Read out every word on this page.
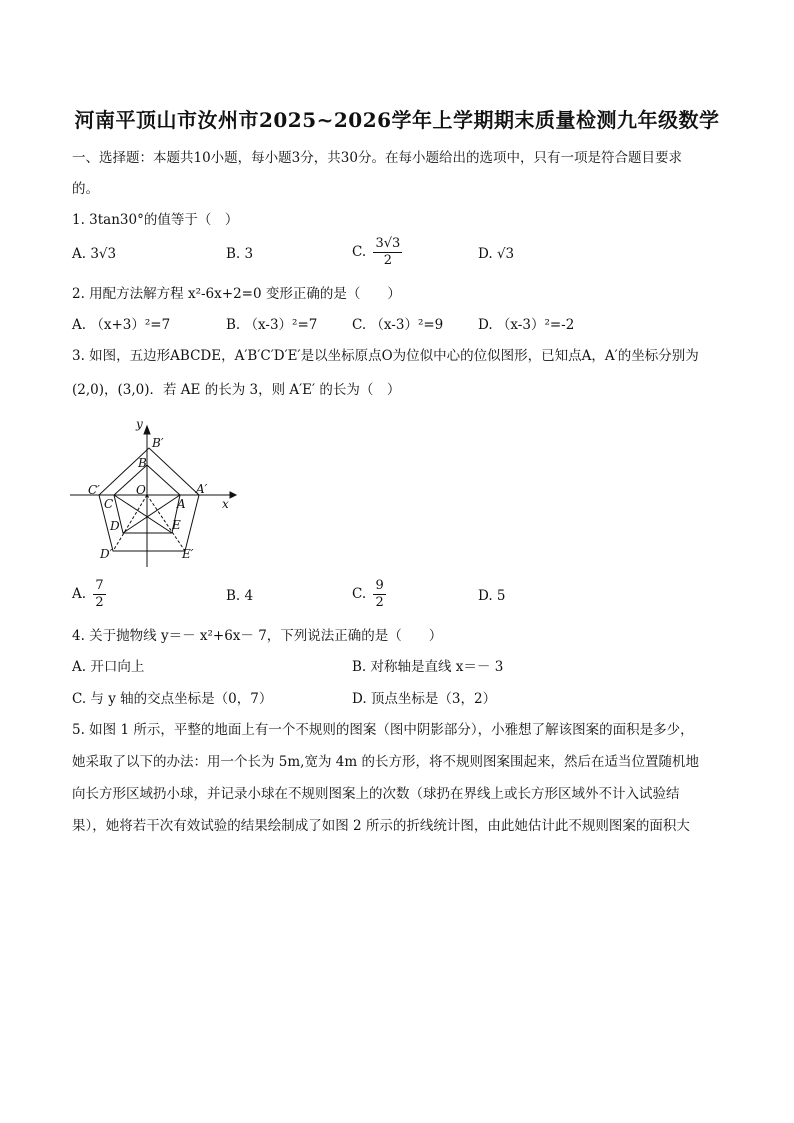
河南平顶山市汝州市2025~2026学年上学期期末质量检测九年级数学
一、选择题：本题共10小题，每小题3分，共30分。在每小题给出的选项中，只有一项是符合题目要求
的。
1. 3tan30°的值等于（　）
A. 3√3	B. 3	C. $\frac{3√3}{2}$	D. √3
2. 用配方法解方程 x²-6x+2=0 变形正确的是（　　）
A. （x+3）²=7	B. （x-3）²=7	C. （x-3）²=9	D. （x-3）²=-2
3. 如图，五边形ABCDE，A′B′C′D′E′是以坐标原点O为位似中心的位似图形，已知点A，A′的坐标分别为
(2,0)，(3,0)．若 AE 的长为 3，则 A′E′ 的长为（　）
y
B′
B
C′
C
O
A
A′
x
D	E
D′	E′
A. $\frac{7}{2}$	B. 4	C. $\frac{9}{2}$	D. 5
4. 关于抛物线 y＝－ x²+6x－ 7，下列说法正确的是（　　）
A. 开口向上	B. 对称轴是直线 x＝－ 3
C. 与 y 轴的交点坐标是（0，7）	D. 顶点坐标是（3，2）
5. 如图 1 所示，平整的地面上有一个不规则的图案（图中阴影部分），小雅想了解该图案的面积是多少，
她采取了以下的办法：用一个长为 5m,宽为 4m 的长方形，将不规则图案围起来，然后在适当位置随机地
向长方形区域扔小球，并记录小球在不规则图案上的次数（球扔在界线上或长方形区域外不计入试验结
果），她将若干次有效试验的结果绘制成了如图 2 所示的折线统计图，由此她估计此不规则图案的面积大
